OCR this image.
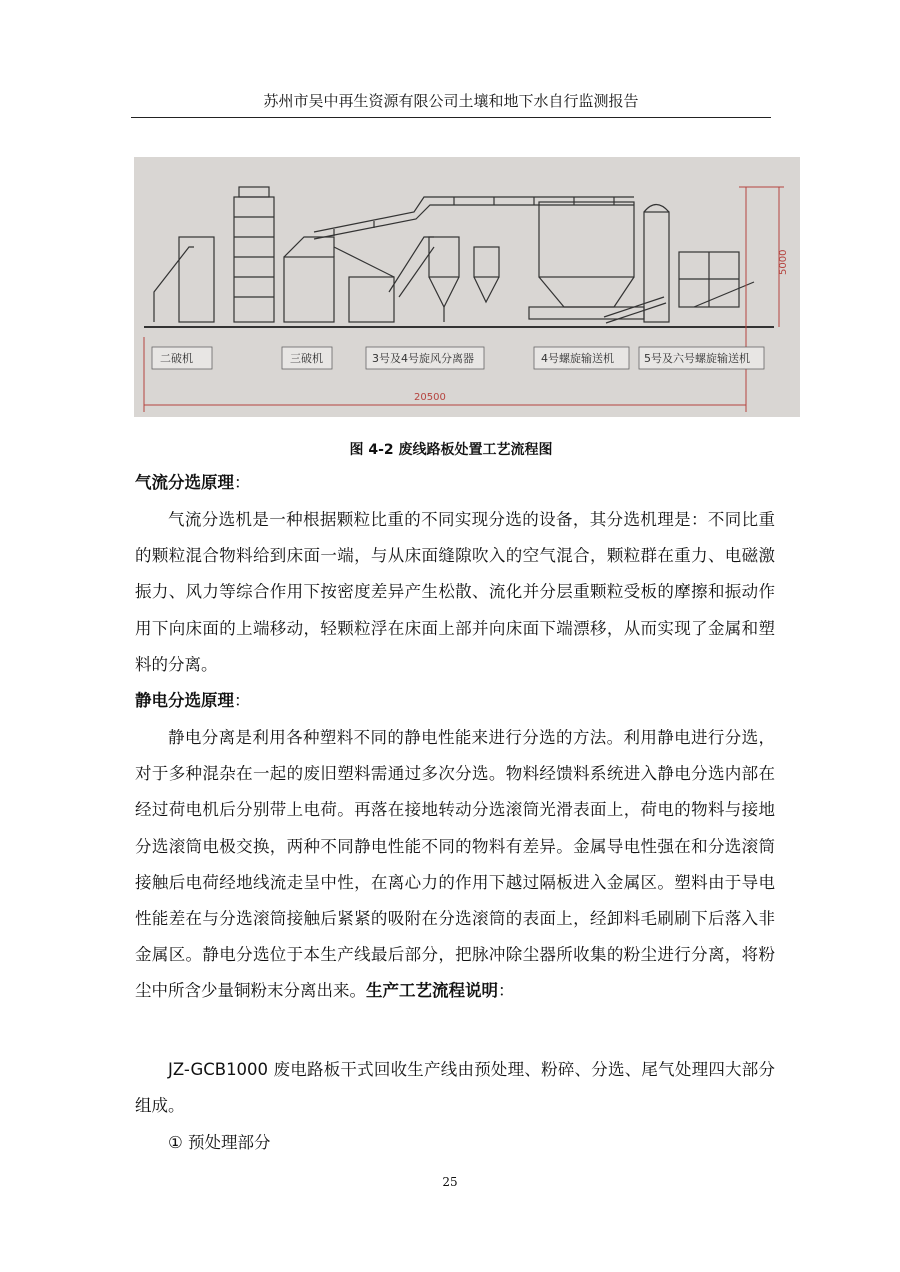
苏州市吴中再生资源有限公司土壤和地下水自行监测报告
20500
5000
二破机	三破机	3号及4号旋风分离器	4号螺旋输送机	5号及六号螺旋输送机
图 4-2 废线路板处置工艺流程图

气流分选原理：

气流分选机是一种根据颗粒比重的不同实现分选的设备，其分选机理是：不同比重的颗粒混合物料给到床面一端，与从床面缝隙吹入的空气混合，颗粒群在重力、电磁激振力、风力等综合作用下按密度差异产生松散、流化并分层重颗粒受板的摩擦和振动作用下向床面的上端移动，轻颗粒浮在床面上部并向床面下端漂移，从而实现了金属和塑料的分离。

静电分选原理：

静电分离是利用各种塑料不同的静电性能来进行分选的方法。利用静电进行分选，对于多种混杂在一起的废旧塑料需通过多次分选。物料经馈料系统进入静电分选内部在经过荷电机后分别带上电荷。再落在接地转动分选滚筒光滑表面上，荷电的物料与接地分选滚筒电极交换，两种不同静电性能不同的物料有差异。金属导电性强在和分选滚筒接触后电荷经地线流走呈中性，在离心力的作用下越过隔板进入金属区。塑料由于导电性能差在与分选滚筒接触后紧紧的吸附在分选滚筒的表面上，经卸料毛刷刷下后落入非金属区。静电分选位于本生产线最后部分，把脉冲除尘器所收集的粉尘进行分离，将粉尘中所含少量铜粉末分离出来。生产工艺流程说明：

JZ-GCB1000 废电路板干式回收生产线由预处理、粉碎、分选、尾气处理四大部分组成。

① 预处理部分

25
